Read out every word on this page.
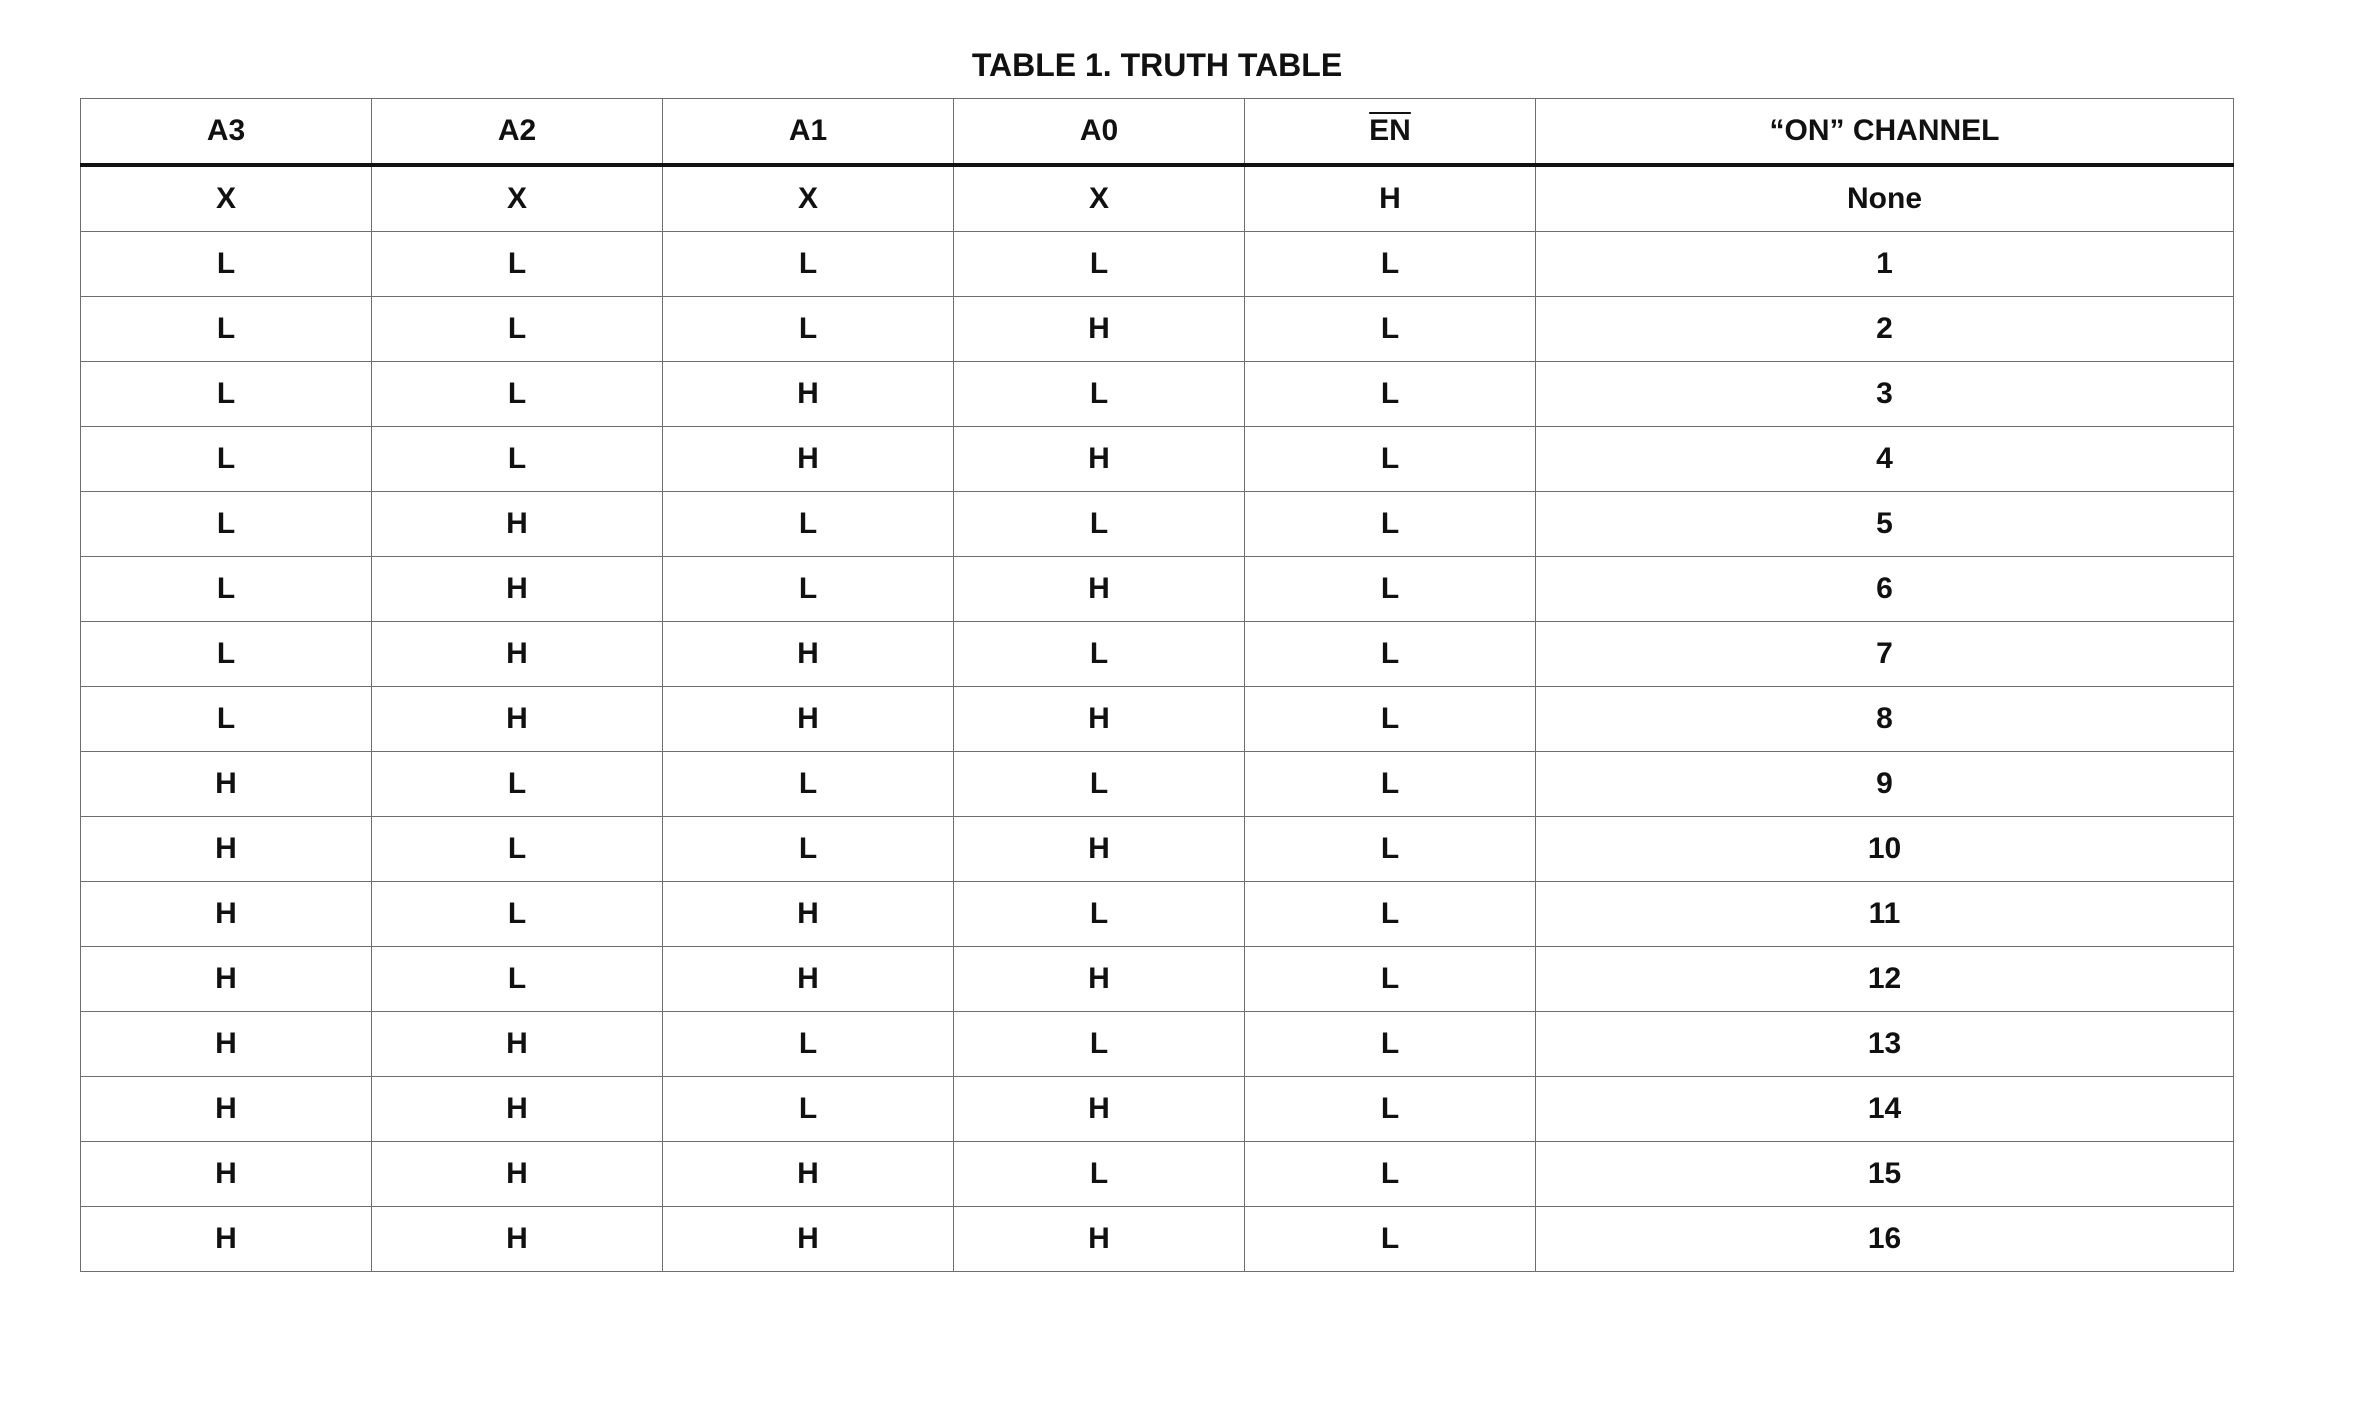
TABLE 1. TRUTH TABLE
A3	A2	A1	A0	$\overline{EN}$	“ON” CHANNEL
X	X	X	X	H	None
L	L	L	L	L	1
L	L	L	H	L	2
L	L	H	L	L	3
L	L	H	H	L	4
L	H	L	L	L	5
L	H	L	H	L	6
L	H	H	L	L	7
L	H	H	H	L	8
H	L	L	L	L	9
H	L	L	H	L	10
H	L	H	L	L	11
H	L	H	H	L	12
H	H	L	L	L	13
H	H	L	H	L	14
H	H	H	L	L	15
H	H	H	H	L	16
